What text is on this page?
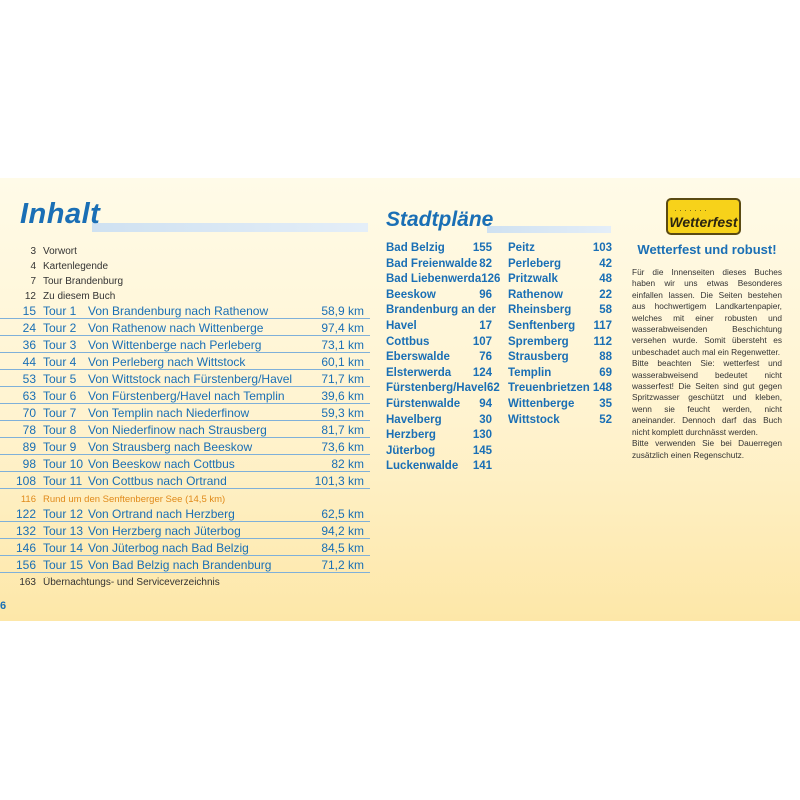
Inhalt
3 Vorwort
4 Kartenlegende
7 Tour Brandenburg
12 Zu diesem Buch
15 Tour 1 Von Brandenburg nach Rathenow	58,9 km
24 Tour 2 Von Rathenow nach Wittenberge	97,4 km
36 Tour 3 Von Wittenberge nach Perleberg	73,1 km
44 Tour 4 Von Perleberg nach Wittstock	60,1 km
53 Tour 5 Von Wittstock nach Fürstenberg/Havel	71,7 km
63 Tour 6 Von Fürstenberg/Havel nach Templin	39,6 km
70 Tour 7 Von Templin nach Niederfinow	59,3 km
78 Tour 8 Von Niederfinow nach Strausberg	81,7 km
89 Tour 9 Von Strausberg nach Beeskow	73,6 km
98 Tour 10 Von Beeskow nach Cottbus	82 km
108 Tour 11 Von Cottbus nach Ortrand	101,3 km
116 Rund um den Senftenberger See (14,5 km)
122 Tour 12 Von Ortrand nach Herzberg	62,5 km
132 Tour 13 Von Herzberg nach Jüterbog	94,2 km
146 Tour 14 Von Jüterbog nach Bad Belzig	84,5 km
156 Tour 15 Von Bad Belzig nach Brandenburg	71,2 km
163 Übernachtungs- und Serviceverzeichnis
6
Stadtpläne
Bad Belzig 155
Bad Freienwalde 82
Bad Liebenwerda 126
Beeskow	96
Brandenburg an der
Havel	17
Cottbus	107
Eberswalde	76
Elsterwerda 124
Fürstenberg/Havel 62
Fürstenwalde 94
Havelberg	30
Herzberg	130
Jüterbog	145
Luckenwalde 141
Peitz	103
Perleberg	42
Pritzwalk	48
Rathenow	22
Rheinsberg 58
Senftenberg 117
Spremberg 112
Strausberg	88
Templin	69
Treuenbrietzen 148
Wittenberge 35
Wittstock	52
․․․․․․․
Wetterfest
Wetterfest und robust!

Für die Innenseiten dieses Buches haben wir uns etwas Besonderes einfallen lassen. Die Seiten bestehen aus hochwertigem Landkartenpapier, welches mit einer robusten und wasserabweisenden Beschichtung versehen wurde. Somit übersteht es unbeschadet auch mal ein Regenwetter.

Bitte beachten Sie: wetterfest und wasserabweisend bedeutet nicht wasserfest! Die Seiten sind gut gegen Spritzwasser geschützt und kleben, wenn sie feucht werden, nicht aneinander. Dennoch darf das Buch nicht komplett durchnässt werden.

Bitte verwenden Sie bei Dauerregen zusätzlich einen Regenschutz.
